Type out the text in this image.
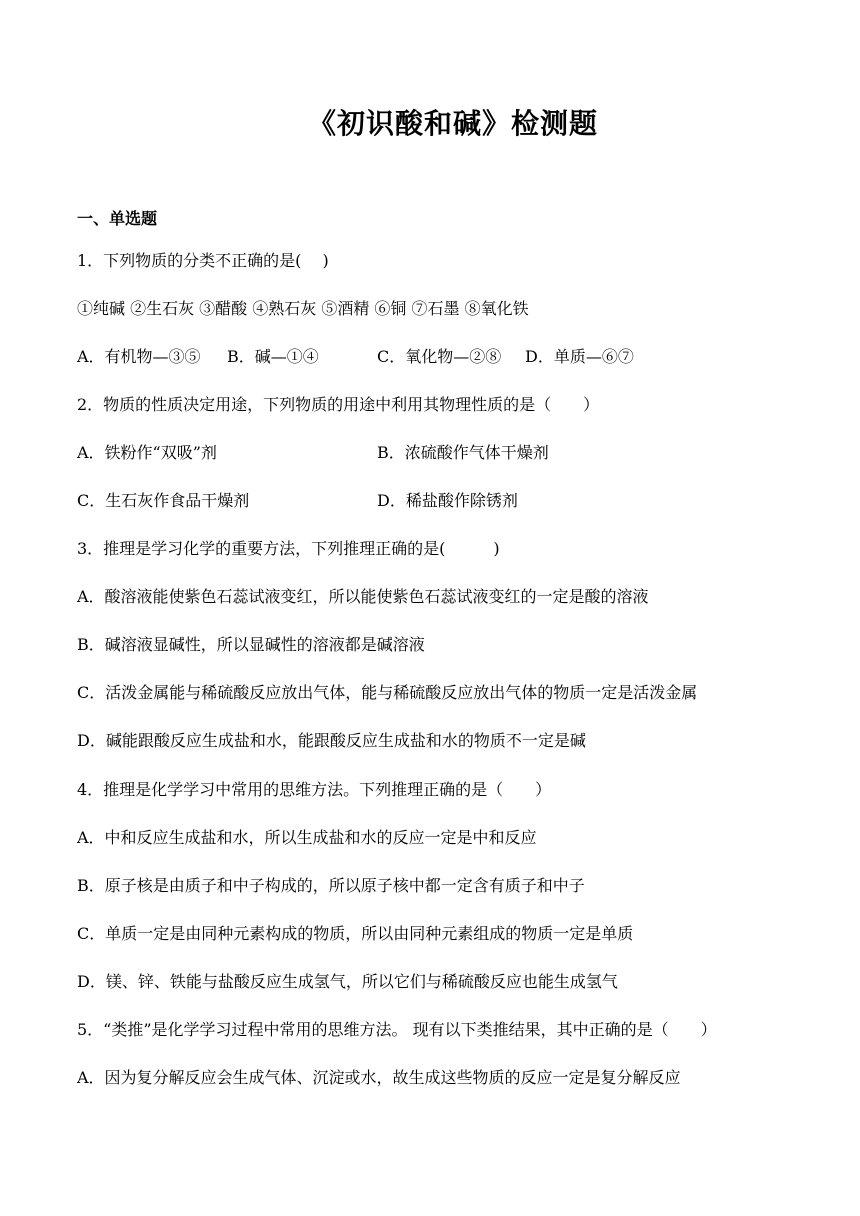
《初识酸和碱》检测题
一、单选题
1．下列物质的分类不正确的是(　 )
①纯碱 ②生石灰 ③醋酸 ④熟石灰 ⑤酒精 ⑥铜 ⑦石墨 ⑧氧化铁
A．有机物—③⑤ B．碱—①④	C．氧化物—②⑧ D．单质—⑥⑦
2．物质的性质决定用途，下列物质的用途中利用其物理性质的是（　　）
A．铁粉作“双吸”剂	B．浓硫酸作气体干燥剂
C．生石灰作食品干燥剂	D．稀盐酸作除锈剂
3．推理是学习化学的重要方法，下列推理正确的是(　　　)
A．酸溶液能使紫色石蕊试液变红，所以能使紫色石蕊试液变红的一定是酸的溶液
B．碱溶液显碱性，所以显碱性的溶液都是碱溶液
C．活泼金属能与稀硫酸反应放出气体，能与稀硫酸反应放出气体的物质一定是活泼金属
D．碱能跟酸反应生成盐和水，能跟酸反应生成盐和水的物质不一定是碱
4．推理是化学学习中常用的思维方法。下列推理正确的是（　　）
A．中和反应生成盐和水，所以生成盐和水的反应一定是中和反应
B．原子核是由质子和中子构成的，所以原子核中都一定含有质子和中子
C．单质一定是由同种元素构成的物质，所以由同种元素组成的物质一定是单质
D．镁、锌、铁能与盐酸反应生成氢气，所以它们与稀硫酸反应也能生成氢气
5．“类推”是化学学习过程中常用的思维方法。 现有以下类推结果，其中正确的是（　　）
A．因为复分解反应会生成气体、沉淀或水，故生成这些物质的反应一定是复分解反应
